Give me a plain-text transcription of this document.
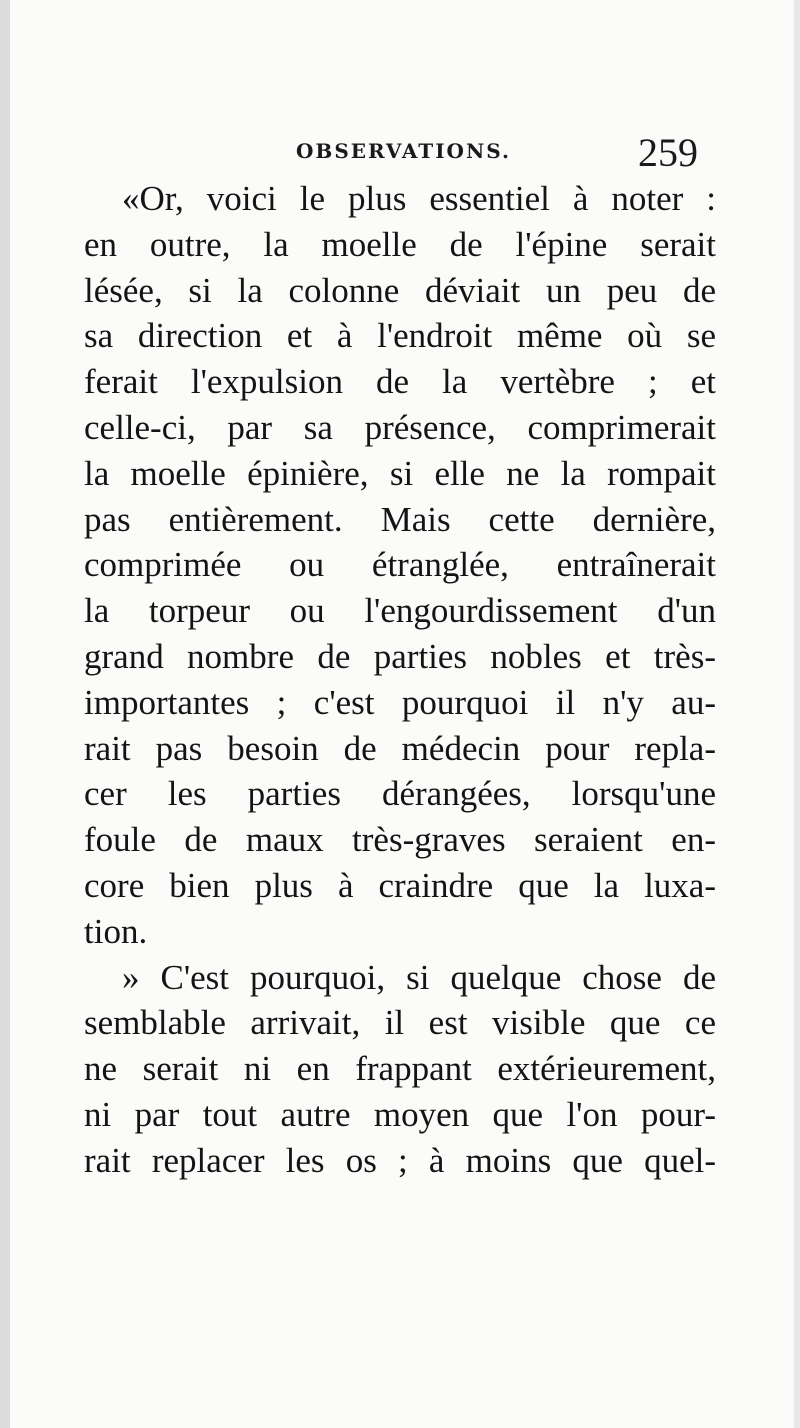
OBSERVATIONS.	259
«Or, voici le plus essentiel à noter :
en outre, la moelle de l'épine serait
lésée, si la colonne déviait un peu de
sa direction et à l'endroit même où se
ferait l'expulsion de la vertèbre ; et
celle-ci, par sa présence, comprimerait
la moelle épinière, si elle ne la rompait
pas entièrement. Mais cette dernière,
comprimée ou étranglée, entraînerait
la torpeur ou l'engourdissement d'un
grand nombre de parties nobles et très-
importantes ; c'est pourquoi il n'y au-
rait pas besoin de médecin pour repla-
cer les parties dérangées, lorsqu'une
foule de maux très-graves seraient en-
core bien plus à craindre que la luxa-
tion.
» C'est pourquoi, si quelque chose de
semblable arrivait, il est visible que ce
ne serait ni en frappant extérieurement,
ni par tout autre moyen que l'on pour-
rait replacer les os ; à moins que quel-
